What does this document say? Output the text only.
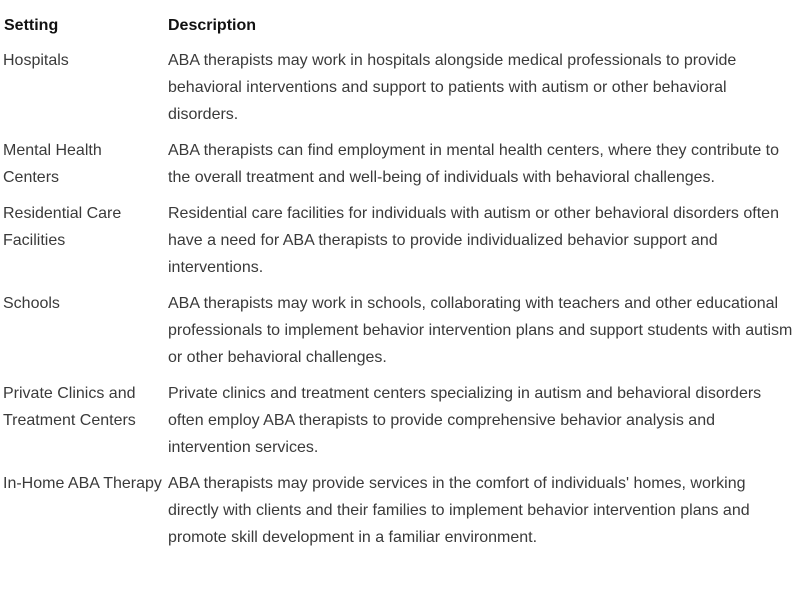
Setting	Description
Hospitals	ABA therapists may work in hospitals alongside medical professionals to provide behavioral interventions and support to patients with autism or other behavioral disorders.
Mental Health Centers	ABA therapists can find employment in mental health centers, where they contribute to the overall treatment and well-being of individuals with behavioral challenges.
Residential Care Facilities	Residential care facilities for individuals with autism or other behavioral disorders often have a need for ABA therapists to provide individualized behavior support and interventions.
Schools	ABA therapists may work in schools, collaborating with teachers and other educational professionals to implement behavior intervention plans and support students with autism or other behavioral challenges.
Private Clinics and Treatment Centers	Private clinics and treatment centers specializing in autism and behavioral disorders often employ ABA therapists to provide comprehensive behavior analysis and intervention services.
In-Home ABA Therapy	ABA therapists may provide services in the comfort of individuals' homes, working directly with clients and their families to implement behavior intervention plans and promote skill development in a familiar environment.
